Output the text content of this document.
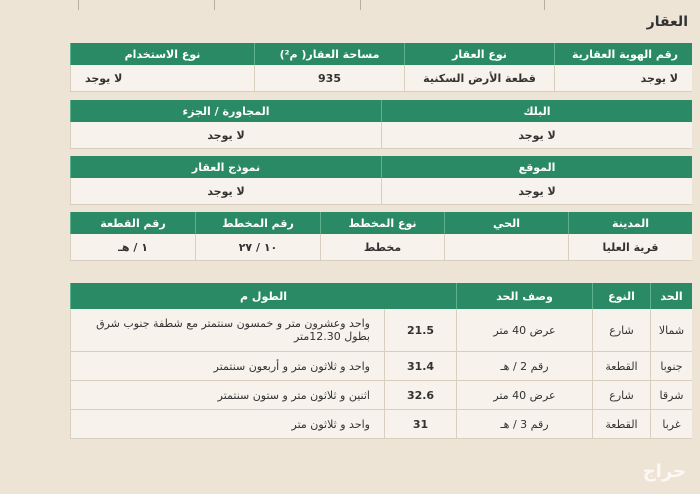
العقار
رقم الهوية العقارية
نوع العقار
مساحة العقار( م²)
نوع الاستخدام
لا يوجد
قطعة الأرض السكنية
935
لا يوجد
البلك
المجاورة / الجزء
لا يوجد
لا يوجد
الموقع
نموذج العقار
لا يوجد
لا يوجد
المدينة
الحي
نوع المخطط
رقم المخطط
رقم القطعة
قرية العليا
مخطط
١٠ / ٢٧
١ / هـ
الحد
النوع
وصف الحد
الطول م
شمالا
شارع
عرض 40 متر
21.5
واحد وعشرون متر و خمسون سنتمتر مع شطفة جنوب شرق بطول 12.30متر
جنوبا
القطعة
رقم 2 / هـ
31.4
واحد و ثلاثون متر و أربعون سنتمتر
شرقا
شارع
عرض 40 متر
32.6
اثنين و ثلاثون متر و ستون سنتمتر
غربا
القطعة
رقم 3 / هـ
31
واحد و ثلاثون متر
حراج
